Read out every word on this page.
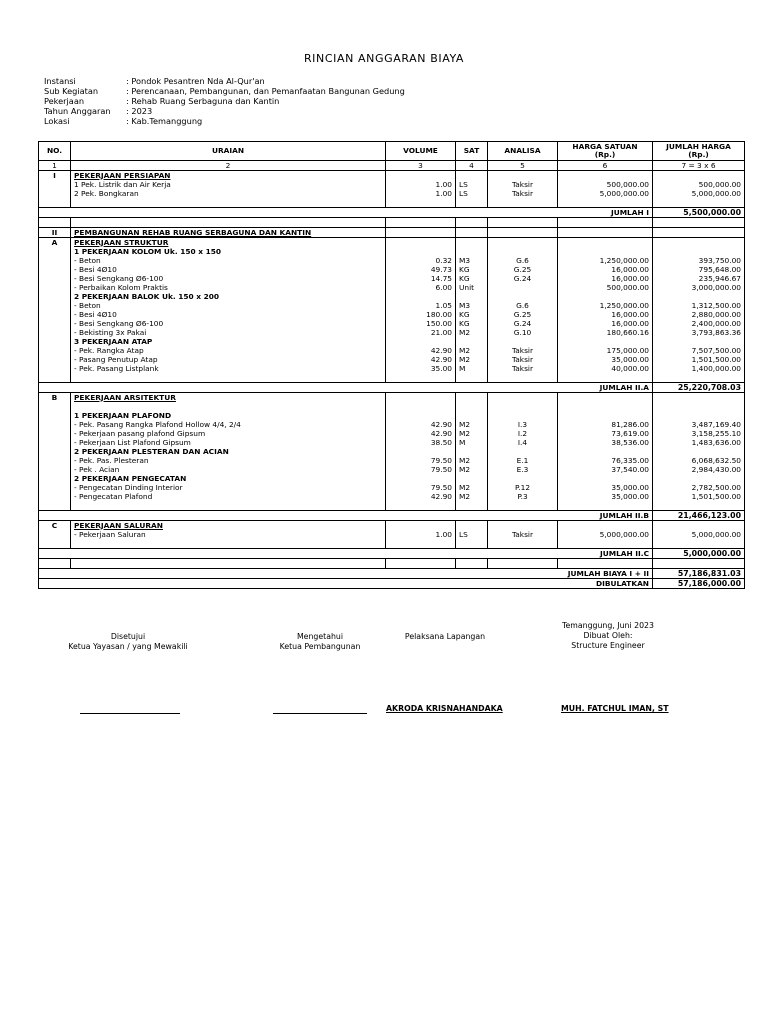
RINCIAN ANGGARAN BIAYA
Instansi	: Pondok Pesantren Nda Al-Qur'an
Sub Kegiatan	: Perencanaan, Pembangunan, dan Pemanfaatan Bangunan Gedung
Pekerjaan	: Rehab Ruang Serbaguna dan Kantin
Tahun Anggaran	: 2023
Lokasi	: Kab.Temanggung
NO.	URAIAN	VOLUME	SAT	ANALISA	HARGA SATUAN (Rp.)	JUMLAH HARGA (Rp.)
1	2	3	4	5	6	7 = 3 x 6
I	PEKERJAAN PERSIAPAN					
	1 Pek. Listrik dan Air Kerja	1.00	LS	Taksir	500,000.00	500,000.00
	2 Pek. Bongkaran	1.00	LS	Taksir	5,000,000.00	5,000,000.00

JUMLAH I						5,500,000.00

II	PEMBANGUNAN REHAB RUANG SERBAGUNA DAN KANTIN					
A	PEKERJAAN STRUKTUR					
	1 PEKERJAAN KOLOM Uk. 150 x 150					
	- Beton	0.32	M3	G.6	1,250,000.00	393,750.00
	- Besi 4Ø10	49.73	KG	G.25	16,000.00	795,648.00
	- Besi Sengkang Ø6-100	14.75	KG	G.24	16,000.00	235,946.67
	- Perbaikan Kolom Praktis	6.00	Unit		500,000.00	3,000,000.00
	2 PEKERJAAN BALOK Uk. 150 x 200					
	- Beton	1.05	M3	G.6	1,250,000.00	1,312,500.00
	- Besi 4Ø10	180.00	KG	G.25	16,000.00	2,880,000.00
	- Besi Sengkang Ø6-100	150.00	KG	G.24	16,000.00	2,400,000.00
	- Bekisting 3x Pakai	21.00	M2	G.10	180,660.16	3,793,863.36
	3 PEKERJAAN ATAP					
	- Pek. Rangka Atap	42.90	M2	Taksir	175,000.00	7,507,500.00
	- Pasang Penutup Atap	42.90	M2	Taksir	35,000.00	1,501,500.00
	- Pek. Pasang Listplank	35.00	M	Taksir	40,000.00	1,400,000.00

JUMLAH II.A						25,220,708.03
B	PEKERJAAN ARSITEKTUR					

	1 PEKERJAAN PLAFOND					
	- Pek. Pasang Rangka Plafond Hollow 4/4, 2/4	42.90	M2	I.3	81,286.00	3,487,169.40
	- Pekerjaan pasang plafond Gipsum	42.90	M2	I.2	73,619.00	3,158,255.10
	- Pekerjaan List Plafond Gipsum	38.50	M	I.4	38,536.00	1,483,636.00
	2 PEKERJAAN PLESTERAN DAN ACIAN					
	- Pek. Pas. Plesteran	79.50	M2	E.1	76,335.00	6,068,632.50
	- Pek . Acian	79.50	M2	E.3	37,540.00	2,984,430.00
	2 PEKERJAAN PENGECATAN					
	- Pengecatan Dinding Interior	79.50	M2	P.12	35,000.00	2,782,500.00
	- Pengecatan Plafond	42.90	M2	P.3	35,000.00	1,501,500.00

JUMLAH II.B						21,466,123.00
C	PEKERJAAN SALURAN					
	- Pekerjaan Saluran	1.00	LS	Taksir	5,000,000.00	5,000,000.00

JUMLAH II.C						5,000,000.00

JUMLAH BIAYA I + II						57,186,831.03
DIBULATKAN						57,186,000.00
Temanggung, Juni 2023
Dibuat Oleh:
Structure Engineer
Disetujui
Ketua Yayasan / yang Mewakili
Mengetahui
Ketua Pembangunan
Pelaksana Lapangan
AKRODA KRISNAHANDAKA	MUH. FATCHUL IMAN, ST
